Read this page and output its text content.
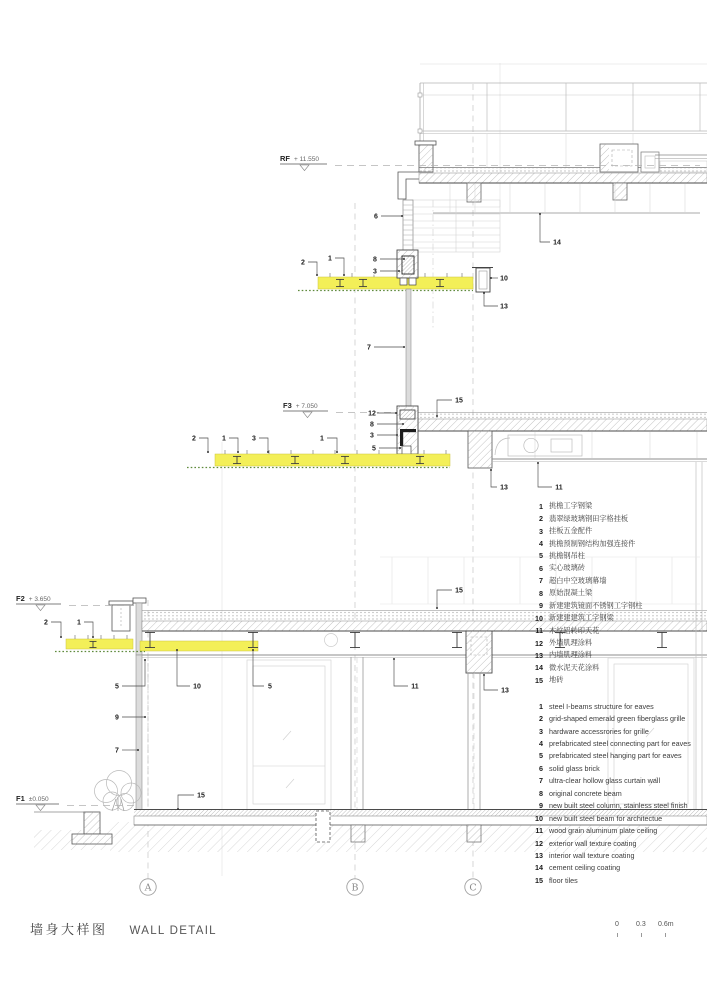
RF + 11.550
F3 + 7.050
F2 + 3.650
F1 ±0.050
2
1
6
8
3
14
10
13
7
12
8
3
5
15
2	1	3	1
13	11
2	1
15
5	10	5	11
13
9
7
15
A	B	C
墙身大样图 WALL DETAIL
0 0.3 0.6m
1 挑檐工字钢梁
2 翡翠绿玻璃钢田字格挂板
3 挂板五金配件
4 挑檐预制钢结构加强连接件
5 挑檐钢吊柱
6 实心玻璃砖
7 超白中空玻璃幕墙
8 原始混凝土梁
9 新建建筑镜面不锈钢工字钢柱
10 新建建建筑工字钢梁
11 木纹铝转印天花
12 外墙肌理涂料
13 内墙肌理涂料
14 微水泥天花涂料
15 地砖
1 steel I-beams structure for eaves
2 grid-shaped emerald green fiberglass grille
3 hardware accessrories for grille
4 prefabricated steel connecting part for eaves
5 prefabricated steel hanging part for eaves
6 solid glass brick
7 ultra-clear hollow glass curtain wall
8 original concrete beam
9 new built steel column, stainless steel finish
10 new built steel beam for architectue
11 wood grain aluminum plate ceiling
12 exterior wall texture coating
13 interior wall texture coating
14 cement ceiling coating
15 floor tiles
